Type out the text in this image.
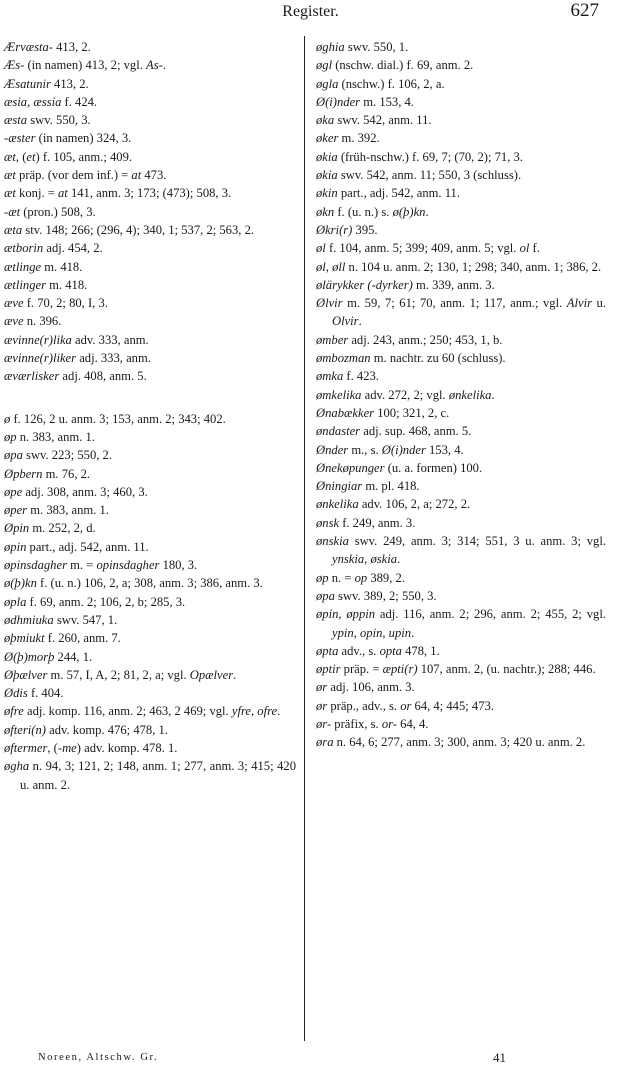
Register.	627

Ærvæsta- 413, 2.

Æs- (in namen) 413, 2; vgl. As-.

Æsatunir 413, 2.

æsia, æssia f. 424.

æsta swv. 550, 3.

-æster (in namen) 324, 3.

æt, (et) f. 105, anm.; 409.

æt präp. (vor dem inf.) = at 473.

æt konj. = at 141, anm. 3; 173; (473); 508, 3.

-æt (pron.) 508, 3.

æta stv. 148; 266; (296, 4); 340, 1; 537, 2; 563, 2.

ætborin adj. 454, 2.

ætlinge m. 418.

ætlinger m. 418.

æve f. 70, 2; 80, I, 3.

æve n. 396.

ævinne(r)lika adv. 333, anm.

ævinne(r)liker adj. 333, anm.

æværlisker adj. 408, anm. 5.

ø f. 126, 2 u. anm. 3; 153, anm. 2; 343; 402.

øp n. 383, anm. 1.

øpa swv. 223; 550, 2.

Øpbern m. 76, 2.

øpe adj. 308, anm. 3; 460, 3.

øper m. 383, anm. 1.

Øpin m. 252, 2, d.

øpin part., adj. 542, anm. 11.

øpinsdagher m. = opinsdagher 180, 3.

ø(þ)kn f. (u. n.) 106, 2, a; 308, anm. 3; 386, anm. 3.

øpla f. 69, anm. 2; 106, 2, b; 285, 3.

ødhmiuka swv. 547, 1.

øþmiukt f. 260, anm. 7.

Ø(þ)morþ 244, 1.

Øþælver m. 57, I, A, 2; 81, 2, a; vgl. Opælver.

Ødis f. 404.

øfre adj. komp. 116, anm. 2; 463, 2 469; vgl. yfre, ofre.

øfteri(n) adv. komp. 476; 478, 1.

øftermer, (-me) adv. komp. 478. 1.

øgha n. 94, 3; 121, 2; 148, anm. 1; 277, anm. 3; 415; 420 u. anm. 2.

øghia swv. 550, 1.

øgl (nschw. dial.) f. 69, anm. 2.

øgla (nschw.) f. 106, 2, a.

Ø(i)nder m. 153, 4.

øka swv. 542, anm. 11.

øker m. 392.

økia (früh-nschw.) f. 69, 7; (70, 2); 71, 3.

økia swv. 542, anm. 11; 550, 3 (schluss).

økin part., adj. 542, anm. 11.

økn f. (u. n.) s. ø(þ)kn.

Økri(r) 395.

øl f. 104, anm. 5; 399; 409, anm. 5; vgl. ol f.

øl, øll n. 104 u. anm. 2; 130, 1; 298; 340, anm. 1; 386, 2.

ølärykker (-dyrker) m. 339, anm. 3.

Ølvir m. 59, 7; 61; 70, anm. 1; 117, anm.; vgl. Alvir u. Olvir.

ømber adj. 243, anm.; 250; 453, 1, b.

ømbozman m. nachtr. zu 60 (schluss).

ømka f. 423.

ømkelika adv. 272, 2; vgl. ønkelika.

Ønabækker 100; 321, 2, c.

øndaster adj. sup. 468, anm. 5.

Ønder m., s. Ø(i)nder 153, 4.

Ønekøpunger (u. a. formen) 100.

Øningiar m. pl. 418.

ønkelika adv. 106, 2, a; 272, 2.

ønsk f. 249, anm. 3.

ønskia swv. 249, anm. 3; 314; 551, 3 u. anm. 3; vgl. ynskia, øskia.

øp n. = op 389, 2.

øpa swv. 389, 2; 550, 3.

øpin, øppin adj. 116, anm. 2; 296, anm. 2; 455, 2; vgl. ypin, opin, upin.

øpta adv., s. opta 478, 1.

øptir präp. = æpti(r) 107, anm. 2, (u. nachtr.); 288; 446.

ør adj. 106, anm. 3.

ør präp., adv., s. or 64, 4; 445; 473.

ør- präfix, s. or- 64, 4.

øra n. 64, 6; 277, anm. 3; 300, anm. 3; 420 u. anm. 2.

Noreen, Altschw. Gr.	41
